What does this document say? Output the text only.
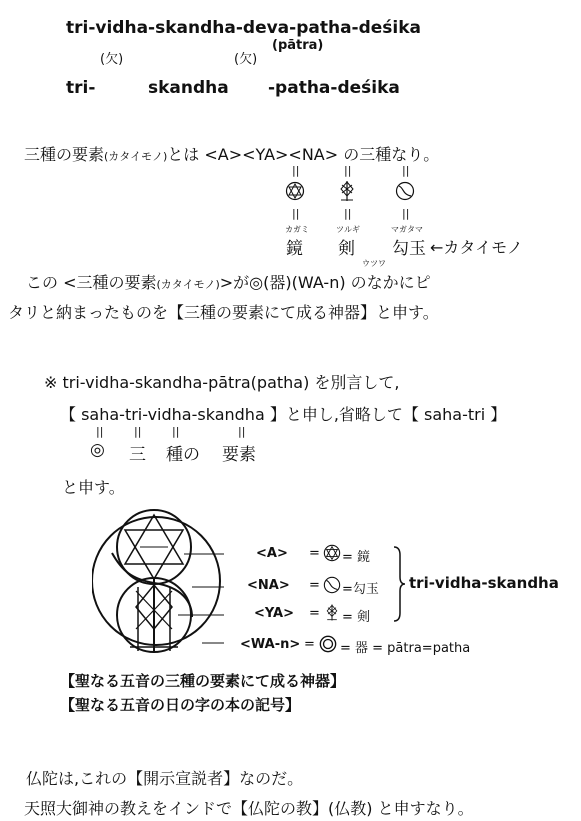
tri-vidha-skandha-deva-patha-deśika
(欠)	(欠)
(pātra)
tri-	skandha -patha-deśika
三種の要素(カタイモノ)とは <A><YA><NA> の三種なり。
||	||	||
||	||	||
カガミ	ツルギ	マガタマ
鏡 剣 勾玉 ←カタイモノ
ウツワ
この <三種の要素(カタイモノ)>が◎(器)(WA-n) のなかにピ
タリと納まったものを【三種の要素にて成る神器】と申す。
※ tri-vidha-skandha-pātra(patha) を別言して,
【 saha-tri-vidha-skandha 】と申し,省略して【 saha-tri 】
||	||	||	||
◎ 三 種の 要素
と申す。
<A> = = 鏡
<NA> = =勾玉
<YA> = = 剣
<WA-n> = = 器 = pātra=patha
tri-vidha-skandha
【聖なる五音の三種の要素にて成る神器】
【聖なる五音の日の字の本の記号】
仏陀は,これの【開示宣説者】なのだ。
天照大御神の教えをインドで【仏陀の教】(仏教) と申すなり。
